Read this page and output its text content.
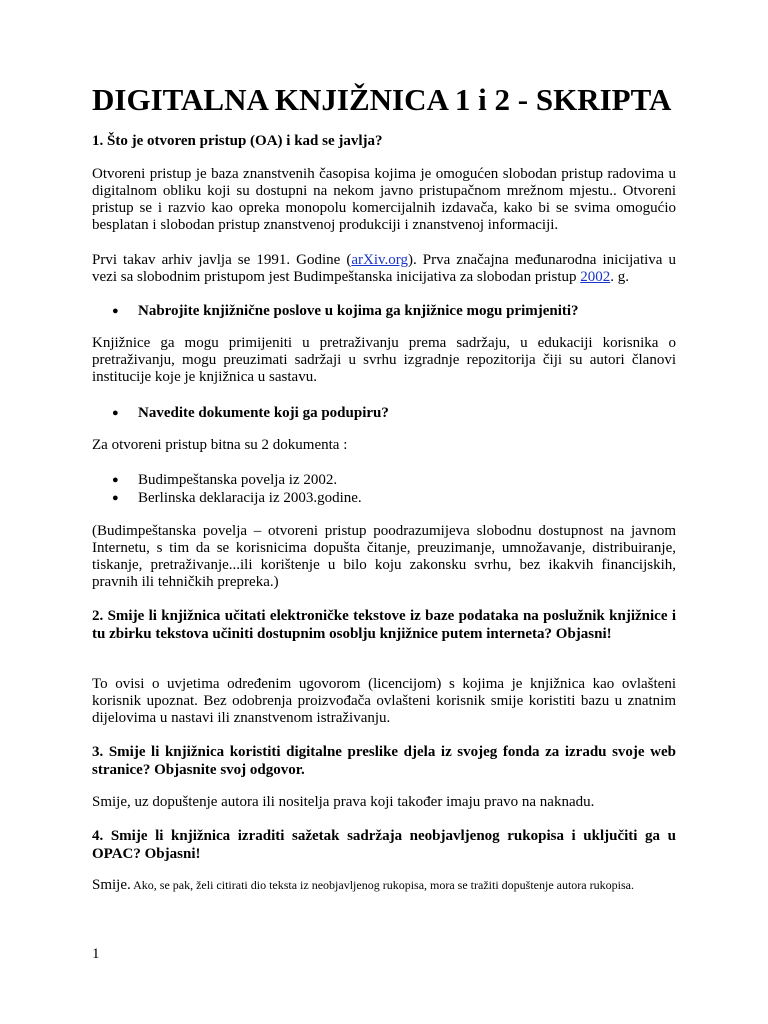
DIGITALNA KNJIŽNICA 1 i 2 - SKRIPTA
1. Što je otvoren pristup (OA) i kad se javlja?
Otvoreni pristup je baza znanstvenih časopisa kojima je omogućen slobodan pristup radovima u digitalnom obliku koji su dostupni na nekom javno pristupačnom mrežnom mjestu.. Otvoreni pristup se i razvio kao opreka monopolu komercijalnih izdavača, kako bi se svima omogućio besplatan i slobodan pristup znanstvenoj produkciji i znanstvenoj informaciji.
Prvi takav arhiv javlja se 1991. Godine (arXiv.org). Prva značajna međunarodna inicijativa u vezi sa slobodnim pristupom jest Budimpeštanska inicijativa za slobodan pristup 2002. g.
● Nabrojite knjižnične poslove u kojima ga knjižnice mogu primjeniti?
Knjižnice ga mogu primijeniti u pretraživanju prema sadržaju, u edukaciji korisnika o pretraživanju, mogu preuzimati sadržaji u svrhu izgradnje repozitorija čiji su autori članovi institucije koje je knjižnica u sastavu.
● Navedite dokumente koji ga podupiru?
Za otvoreni pristup bitna su 2 dokumenta :
● Budimpeštanska povelja iz 2002.
● Berlinska deklaracija iz 2003.godine.
(Budimpeštanska povelja – otvoreni pristup poodrazumijeva slobodnu dostupnost na javnom Internetu, s tim da se korisnicima dopušta čitanje, preuzimanje, umnožavanje, distribuiranje, tiskanje, pretraživanje...ili korištenje u bilo koju zakonsku svrhu, bez ikakvih financijskih, pravnih ili tehničkih prepreka.)
2. Smije li knjižnica učitati elektroničke tekstove iz baze podataka na poslužnik knjižnice i tu zbirku tekstova učiniti dostupnim osoblju knjižnice putem interneta? Objasni!
To ovisi o uvjetima određenim ugovorom (licencijom) s kojima je knjižnica kao ovlašteni korisnik upoznat. Bez odobrenja proizvođača ovlašteni korisnik smije koristiti bazu u znatnim dijelovima u nastavi ili znanstvenom istraživanju.
3. Smije li knjižnica koristiti digitalne preslike djela iz svojeg fonda za izradu svoje web stranice? Objasnite svoj odgovor.
Smije, uz dopuštenje autora ili nositelja prava koji također imaju pravo na naknadu.
4. Smije li knjižnica izraditi sažetak sadržaja neobjavljenog rukopisa i uključiti ga u OPAC? Objasni!
Smije. Ako, se pak, želi citirati dio teksta iz neobjavljenog rukopisa, mora se tražiti dopuštenje autora rukopisa.
1
